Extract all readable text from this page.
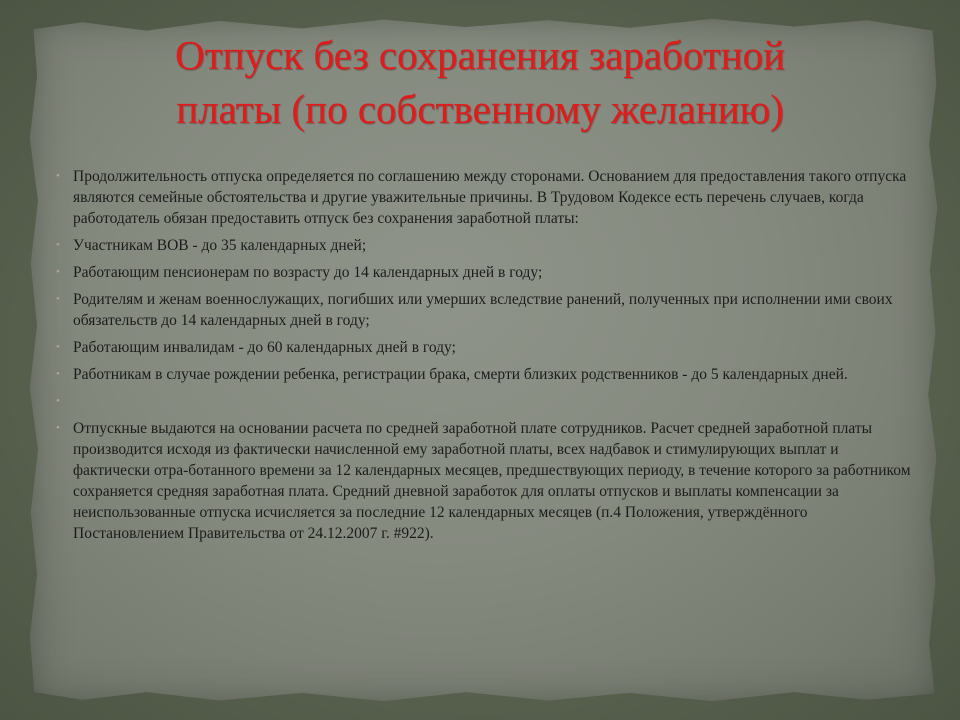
Отпуск без сохранения заработной
платы (по собственному желанию)
• Продолжительность отпуска определяется по соглашению между сторонами. Основанием для предоставления такого отпуска являются семейные обстоятельства и другие уважительные причины. В Трудовом Кодексе есть перечень случаев, когда работодатель обязан предоставить отпуск без сохранения заработной платы:
• Участникам ВОВ - до 35 календарных дней;
• Работающим пенсионерам по возрасту до 14 календарных дней в году;
• Родителям и женам военнослужащих, погибших или умерших вследствие ранений, полученных при исполнении ими своих обязательств до 14 календарных дней в году;
• Работающим инвалидам - до 60 календарных дней в году;
• Работникам в случае рождении ребенка, регистрации брака, смерти близких родственников - до 5 календарных дней.
•
• Отпускные выдаются на основании расчета по средней заработной плате сотрудников. Расчет средней заработной платы производится исходя из фактически начисленной ему заработной платы, всех надбавок и стимулирующих выплат и фактически отра-ботанного времени за 12 календарных месяцев, предшествующих периоду, в течение которого за работником сохраняется средняя заработная плата. Средний дневной заработок для оплаты отпусков и выплаты компенсации за неиспользованные отпуска исчисляется за последние 12 календарных месяцев (п.4 Положения, утверждённого Постановлением Правительства от 24.12.2007 г. #922).
